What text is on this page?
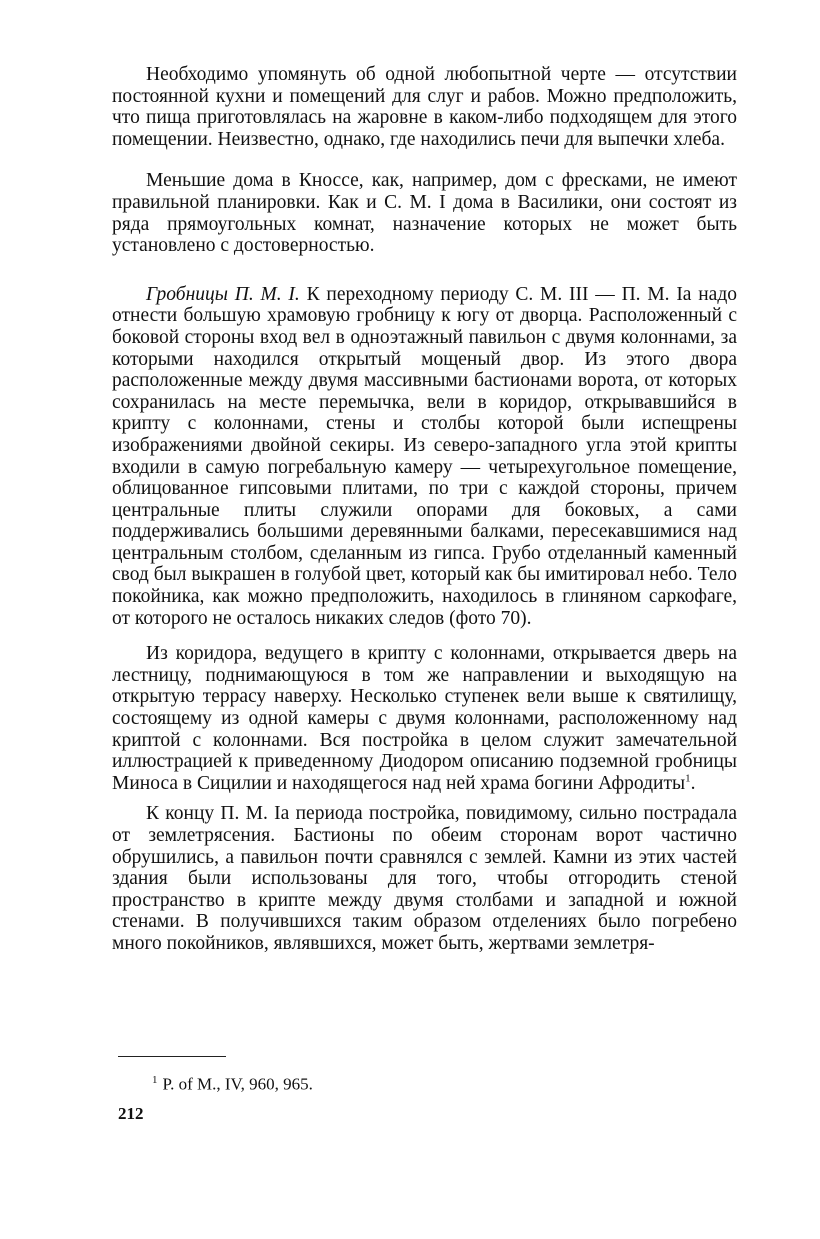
Необходимо упомянуть об одной любопытной черте — отсутствии постоянной кухни и помещений для слуг и рабов. Можно предположить, что пища приготовлялась на жаровне в каком-либо подходящем для этого помещении. Неизвестно, однако, где находились печи для выпечки хлеба.

Меньшие дома в Кноссе, как, например, дом с фресками, не имеют правильной планировки. Как и С. М. I дома в Василики, они состоят из ряда прямоугольных комнат, назначение которых не может быть установлено с достоверностью.

Гробницы П. М. I. К переходному периоду С. М. III — П. М. Iа надо отнести большую храмовую гробницу к югу от дворца. Расположенный с боковой стороны вход вел в одноэтажный павильон с двумя колоннами, за которыми находился открытый мощеный двор. Из этого двора расположенные между двумя массивными бастионами ворота, от которых сохранилась на месте перемычка, вели в коридор, открывавшийся в крипту с колоннами, стены и столбы которой были испещрены изображениями двойной секиры. Из северо-западного угла этой крипты входили в самую погребальную камеру — четырехугольное помещение, облицованное гипсовыми плитами, по три с каждой стороны, причем центральные плиты служили опорами для боковых, а сами поддерживались большими деревянными балками, пересекавшимися над центральным столбом, сделанным из гипса. Грубо отделанный каменный свод был выкрашен в голубой цвет, который как бы имитировал небо. Тело покойника, как можно предположить, находилось в глиняном саркофаге, от которого не осталось никаких следов (фото 70).

Из коридора, ведущего в крипту с колоннами, открывается дверь на лестницу, поднимающуюся в том же направлении и выходящую на открытую террасу наверху. Несколько ступенек вели выше к святилищу, состоящему из одной камеры с двумя колоннами, расположенному над криптой с колоннами. Вся постройка в целом служит замечательной иллюстрацией к приведенному Диодором описанию подземной гробницы Миноса в Сицилии и находящегося над ней храма богини Афродиты$^1$.

К концу П. М. Iа периода постройка, повидимому, сильно пострадала от землетрясения. Бастионы по обеим сторонам ворот частично обрушились, а павильон почти сравнялся с землей. Камни из этих частей здания были использованы для того, чтобы отгородить стеной пространство в крипте между двумя столбами и западной и южной стенами. В получившихся таким образом отделениях было погребено много покойников, являвшихся, может быть, жертвами землетря-

$^1$ P. of M., IV, 960, 965.
212
